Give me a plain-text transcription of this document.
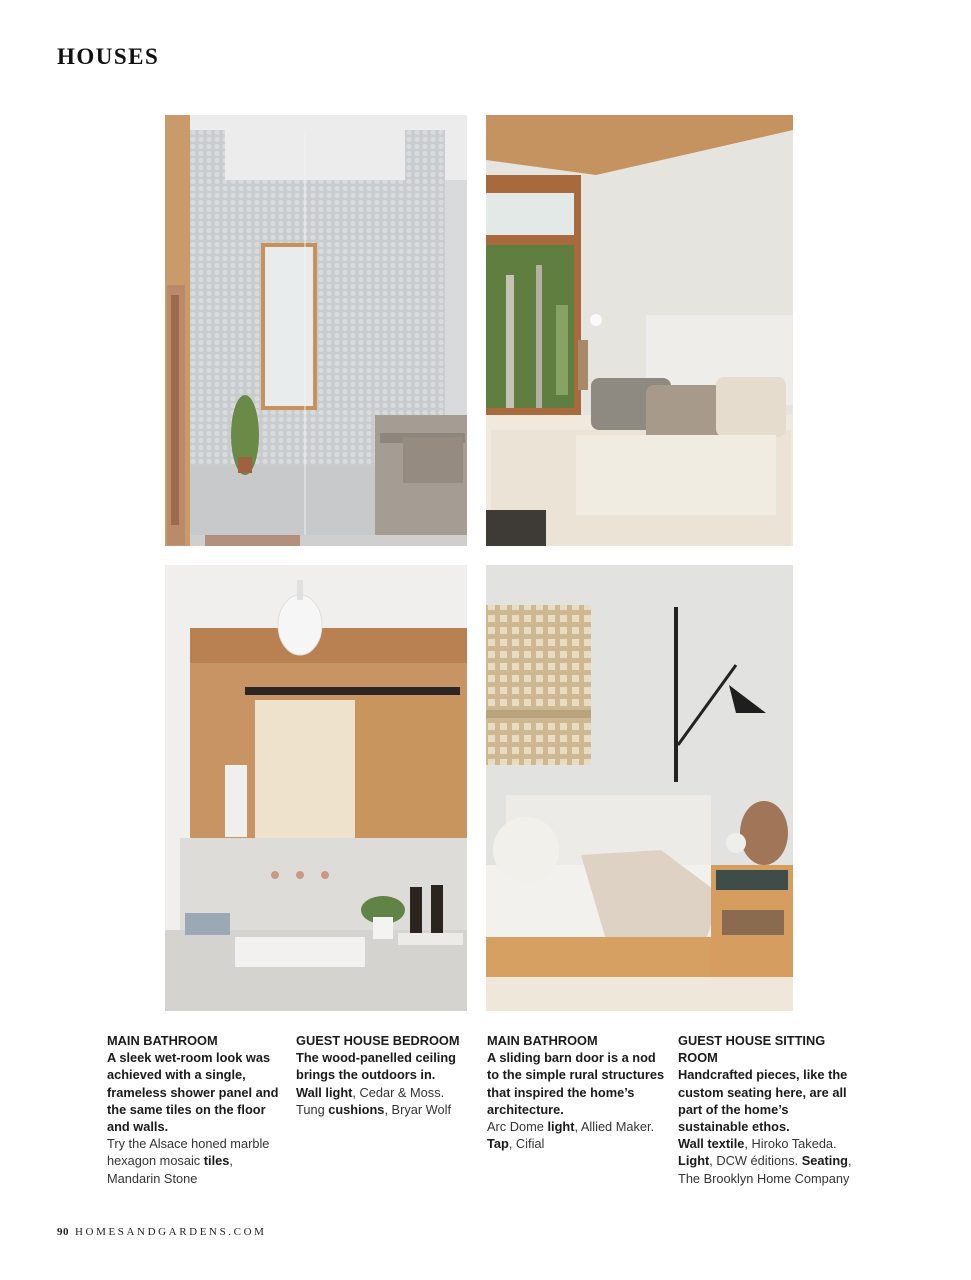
HOUSES
MAIN BATHROOM
A sleek wet-room look was achieved with a single, frameless shower panel and the same tiles on the floor and walls.
Try the Alsace honed marble hexagon mosaic tiles, Mandarin Stone
GUEST HOUSE BEDROOM
The wood-panelled ceiling brings the outdoors in.
Wall light, Cedar & Moss. Tung cushions, Bryar Wolf
MAIN BATHROOM
A sliding barn door is a nod to the simple rural structures that inspired the home’s architecture.
Arc Dome light, Allied Maker. Tap, Cifial
GUEST HOUSE SITTING ROOM
Handcrafted pieces, like the custom seating here, are all part of the home’s sustainable ethos.
Wall textile, Hiroko Takeda. Light, DCW éditions. Seating, The Brooklyn Home Company
90 HOMESANDGARDENS.COM
